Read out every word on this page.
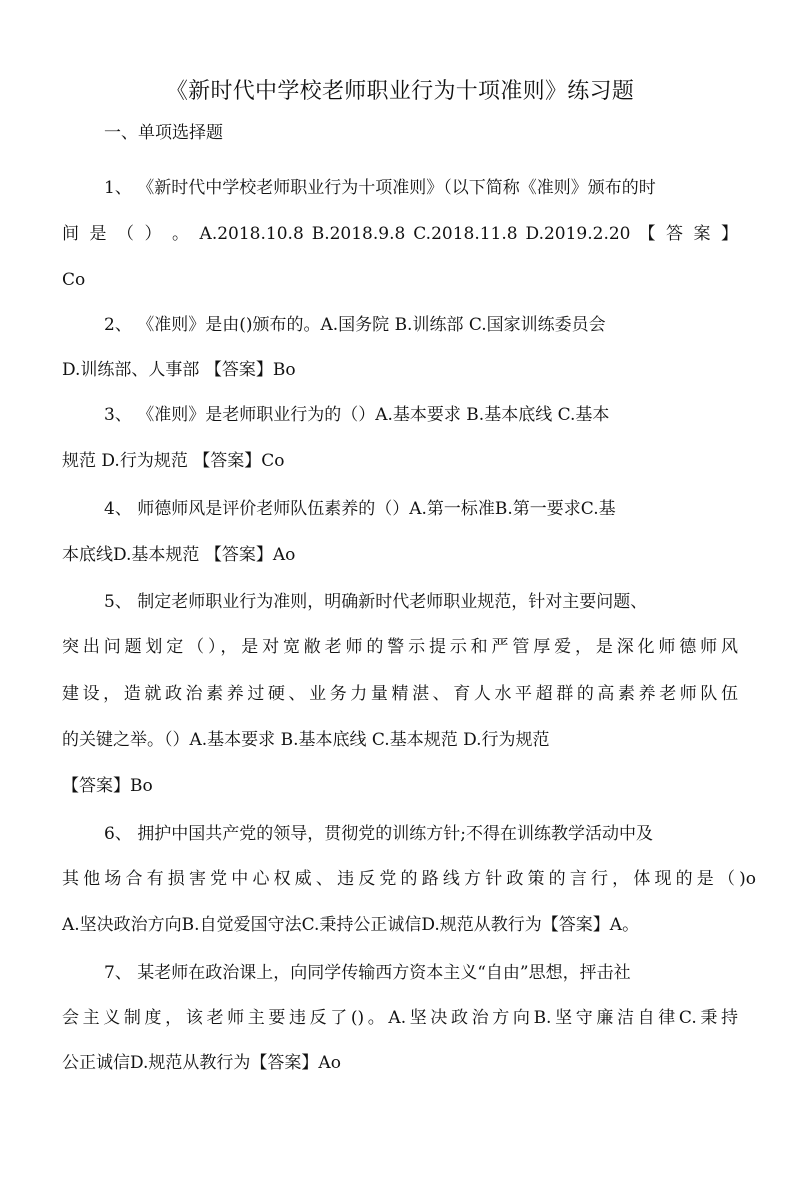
《新时代中学校老师职业行为十项准则》练习题
一、单项选择题
1、 《新时代中学校老师职业行为十项准则》（以下简称《准则》颁布的时
间 是 （ ） 。 A.2018.10.8 B.2018.9.8 C.2018.11.8 D.2019.2.20 【 答 案 】
Co
2、 《准则》是由()颁布的。A.国务院 B.训练部 C.国家训练委员会
D.训练部、人事部 【答案】Bo
3、 《准则》是老师职业行为的（）A.基本要求 B.基本底线 C.基本
规范 D.行为规范 【答案】Co
4、 师德师风是评价老师队伍素养的（）A.第一标准B.第一要求C.基
本底线D.基本规范 【答案】Ao
5、 制定老师职业行为准则，明确新时代老师职业规范，针对主要问题、
突出问题划定（），是对宽敝老师的警示提示和严管厚爱，是深化师德师风
建设，造就政治素养过硬、业务力量精湛、育人水平超群的高素养老师队伍
的关键之举。（）A.基本要求 B.基本底线 C.基本规范 D.行为规范
【答案】Bo
6、 拥护中国共产党的领导，贯彻党的训练方针;不得在训练教学活动中及
其他场合有损害党中心权威、违反党的路线方针政策的言行，体现的是（)o
A.坚决政治方向B.自觉爱国守法C.秉持公正诚信D.规范从教行为【答案】A。
7、 某老师在政治课上，向同学传输西方资本主义“自由”思想，抨击社
会主义制度，该老师主要违反了()。A.坚决政治方向B.坚守廉洁自律C.秉持
公正诚信D.规范从教行为【答案】Ao
